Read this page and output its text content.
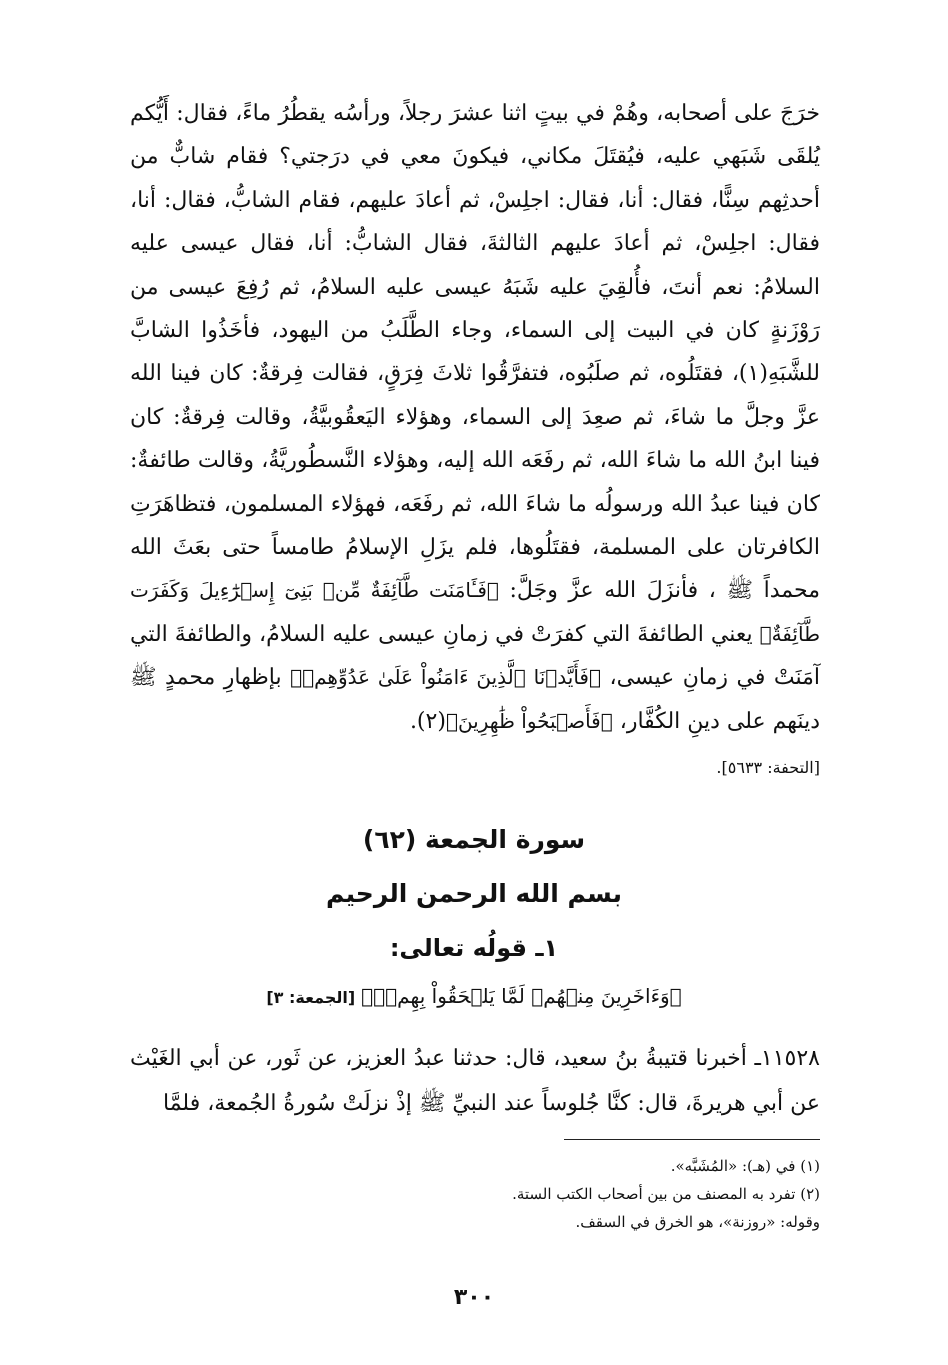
خرَجَ على أصحابه، وهُمْ في بيتٍ اثنا عشرَ رجلاً، ورأسُه يقطُرُ ماءً، فقال: أَيُّكم يُلقَى شَبَهي عليه، فيُقتَلَ مكاني، فيكونَ معي في درَجتي؟ فقام شابٌّ من أحدثِهم سِنًّا، فقال: أنا، فقال: اجلِسْ، ثم أعادَ عليهم، فقام الشابُّ، فقال: أنا، فقال: اجلِسْ، ثم أعادَ عليهم الثالثةَ، فقال الشابُّ: أنا، فقال عيسى عليه السلامُ: نعم أنتَ، فأُلقِيَ عليه شَبَهُ عيسى عليه السلامُ، ثم رُفِعَ عيسى من رَوْزَنةٍ كان في البيت إلى السماء، وجاء الطَّلَبُ من اليهود، فأخَذُوا الشابَّ للشَّبَهِ(١)، فقتَلُوه، ثم صلَبُوه، فتفرَّقُوا ثلاثَ فِرَقٍ، فقالت فِرقةٌ: كان فينا الله عزَّ وجلَّ ما شاءَ، ثم صعِدَ إلى السماء، وهؤلاء اليَعقُوبيَّةُ، وقالت فِرقةٌ: كان فينا ابنُ الله ما شاءَ الله، ثم رفَعَه الله إليه، وهؤلاء النَّسطُوريَّةُ، وقالت طائفةٌ: كان فينا عبدُ الله ورسولُه ما شاءَ الله، ثم رفَعَه، فهؤلاء المسلمون، فتظاهَرَتِ الكافرتان على المسلمة، فقتَلُوها، فلم يزَلِ الإسلامُ طامساً حتى بعَثَ الله محمداً ﷺ ، فأنزَلَ الله عزَّ وجَلَّ: ﴿فَـَٔامَنَت طَّآئِفَةٌ مِّنۢ بَنِىٓ إِسۡرَٰٓءِيلَ وَكَفَرَت طَّآئِفَةٌ﴾ يعني الطائفةَ التي كفرَتْ في زمانِ عيسى عليه السلامُ، والطائفةَ التي آمَنَتْ في زمانِ عيسى، ﴿فَأَيَّدۡنَا ٱلَّذِينَ ءَامَنُواْ عَلَىٰ عَدُوِّهِمۡ﴾ بإظهارِ محمدٍ ﷺ دينَهم على دينِ الكُفَّار، ﴿فَأَصۡبَحُواْ ظَٰهِرِينَ﴾(٢).

[التحفة: ٥٦٣٣].

سورة الجمعة (٦٢)

بسم الله الرحمن الرحيم

١ـ قولُه تعالى:

﴿وَءَاخَرِينَ مِنۡهُمۡ لَمَّا يَلۡحَقُواْ بِهِمۡۚ﴾[الجمعة: ٣]

١١٥٢٨ـ أخبرنا قتيبةُ بنُ سعيد، قال: حدثنا عبدُ العزيز، عن ثَور، عن أبي الغَيْث عن أبي هريرةَ، قال: كنَّا جُلوساً عند النبيِّ ﷺ إذْ نزلَتْ سُورةُ الجُمعة، فلمَّا

(١) في (هـ): «المُشَبَّه».

(٢) تفرد به المصنف من بين أصحاب الكتب الستة.

وقوله: «روزنة»، هو الخرق في السقف.

٣٠٠
